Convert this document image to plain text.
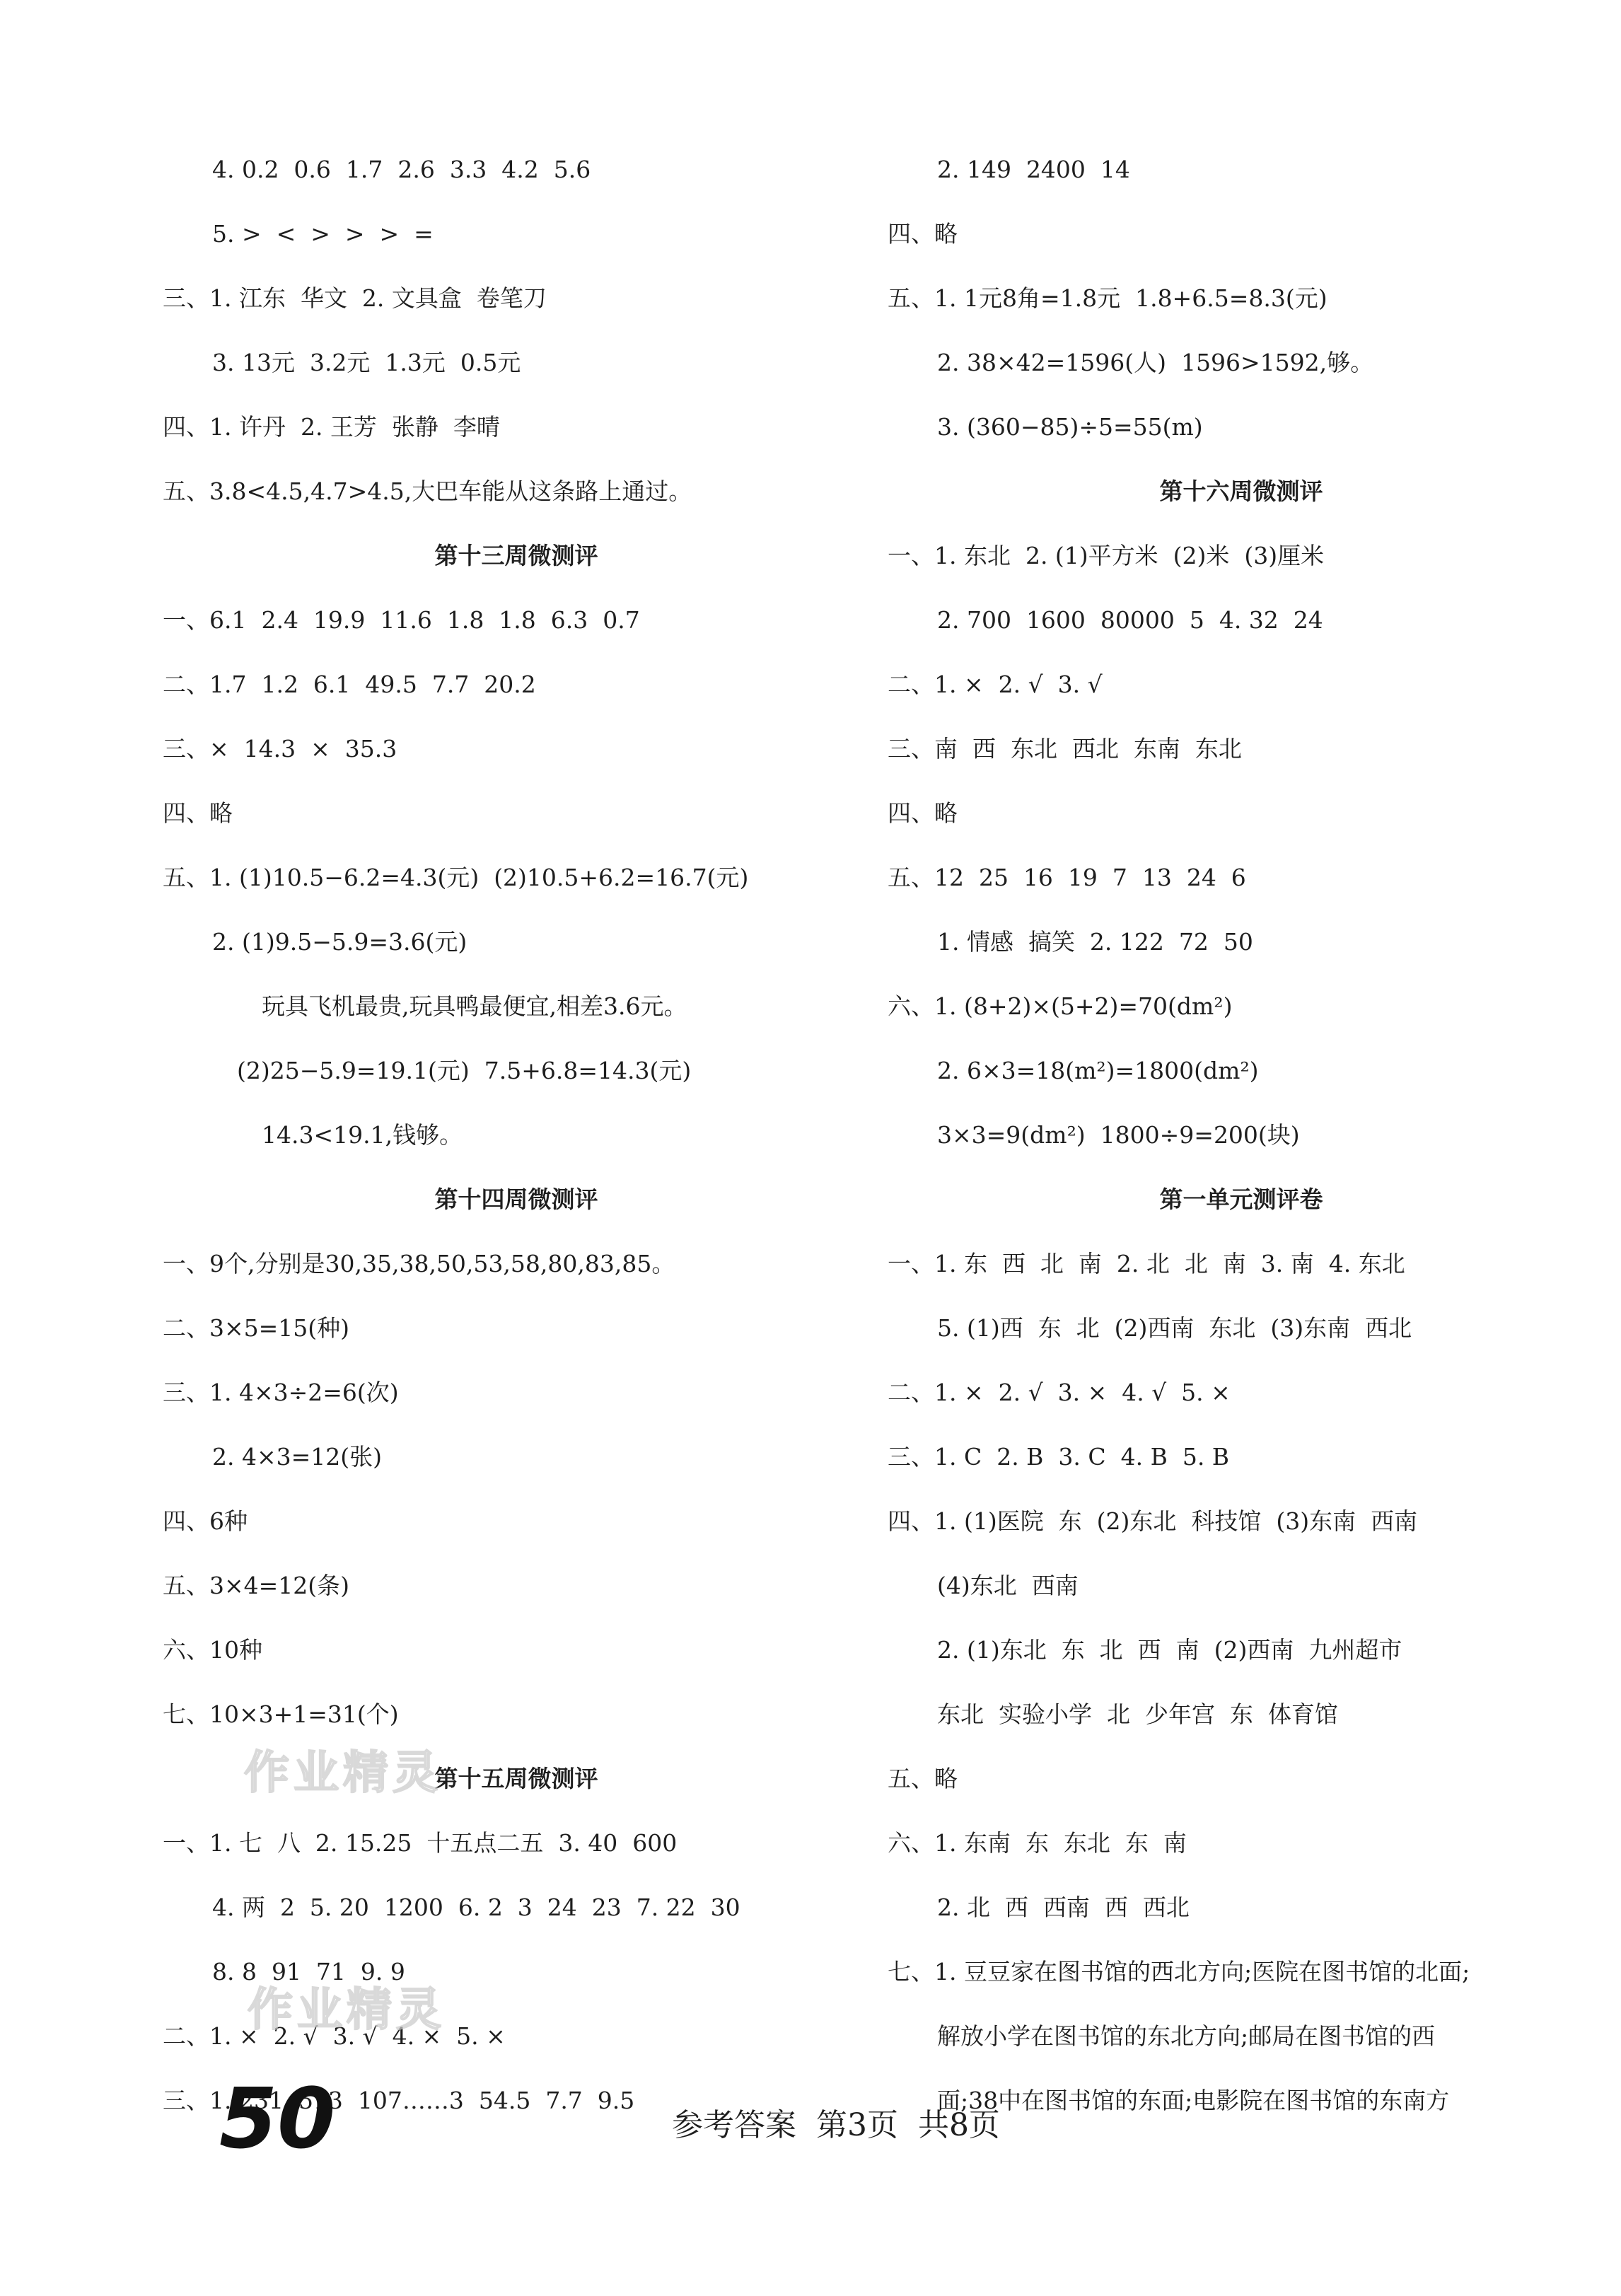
4. 0.2  0.6  1.7  2.6  3.3  4.2  5.6
5. >  <  >  >  >  =
三、1. 江东  华文  2. 文具盒  卷笔刀
3. 13元  3.2元  1.3元  0.5元
四、1. 许丹  2. 王芳  张静  李晴
五、3.8<4.5,4.7>4.5,大巴车能从这条路上通过。
第十三周微测评
一、6.1  2.4  19.9  11.6  1.8  1.8  6.3  0.7
二、1.7  1.2  6.1  49.5  7.7  20.2
三、×  14.3  ×  35.3
四、略
五、1. (1)10.5−6.2=4.3(元)  (2)10.5+6.2=16.7(元)
2. (1)9.5−5.9=3.6(元)
玩具飞机最贵,玩具鸭最便宜,相差3.6元。
(2)25−5.9=19.1(元)  7.5+6.8=14.3(元)
14.3<19.1,钱够。
第十四周微测评
一、9个,分别是30,35,38,50,53,58,80,83,85。
二、3×5=15(种)
三、1. 4×3÷2=6(次)
2. 4×3=12(张)
四、6种
五、3×4=12(条)
六、10种
七、10×3+1=31(个)
第十五周微测评
一、1. 七  八  2. 15.25  十五点二五  3. 40  600
4. 两  2  5. 20  1200  6. 2  3  24  23  7. 22  30
8. 8  91  71  9. 9
二、1. ×  2. √  3. √  4. ×  5. ×
三、1. 231  513  107……3  54.5  7.7  9.5
2. 149  2400  14
四、略
五、1. 1元8角=1.8元  1.8+6.5=8.3(元)
2. 38×42=1596(人)  1596>1592,够。
3. (360−85)÷5=55(m)
第十六周微测评
一、1. 东北  2. (1)平方米  (2)米  (3)厘米
2. 700  1600  80000  5  4. 32  24
二、1. ×  2. √  3. √
三、南  西  东北  西北  东南  东北
四、略
五、12  25  16  19  7  13  24  6
1. 情感  搞笑  2. 122  72  50
六、1. (8+2)×(5+2)=70(dm²)
2. 6×3=18(m²)=1800(dm²)
3×3=9(dm²)  1800÷9=200(块)
第一单元测评卷
一、1. 东  西  北  南  2. 北  北  南  3. 南  4. 东北
5. (1)西  东  北  (2)西南  东北  (3)东南  西北
二、1. ×  2. √  3. ×  4. √  5. ×
三、1. C  2. B  3. C  4. B  5. B
四、1. (1)医院  东  (2)东北  科技馆  (3)东南  西南
(4)东北  西南
2. (1)东北  东  北  西  南  (2)西南  九州超市
东北  实验小学  北  少年宫  东  体育馆
五、略
六、1. 东南  东  东北  东  南
2. 北  西  西南  西  西北
七、1. 豆豆家在图书馆的西北方向;医院在图书馆的北面;
解放小学在图书馆的东北方向;邮局在图书馆的西
面;38中在图书馆的东面;电影院在图书馆的东南方
作业精灵
作业精灵
50	参考答案  第3页  共8页
